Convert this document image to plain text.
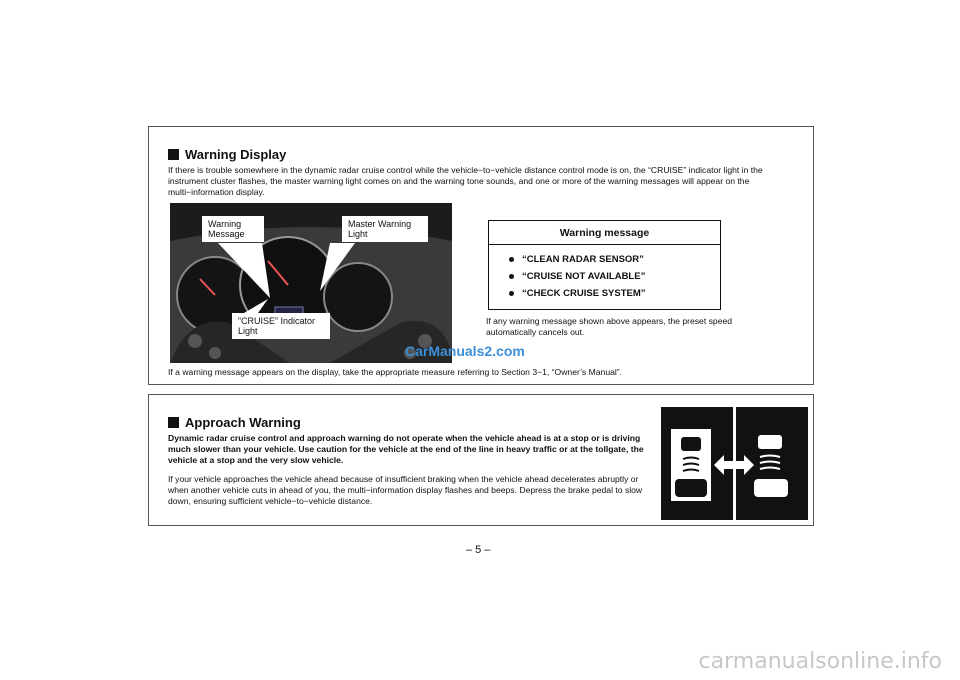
Warning Display
If there is trouble somewhere in the dynamic radar cruise control while the vehicle−to−vehicle distance control mode is on, the “CRUISE” indicator light in the instrument cluster flashes, the master warning light comes on and the warning tone sounds, and one or more of the warning messages will appear on the multi−information display.
Warning Message
Master Warning Light
”CRUISE” Indicator Light
Warning message
“CLEAN RADAR SENSOR”
“CRUISE NOT AVAILABLE”
“CHECK CRUISE SYSTEM”
If any warning message shown above appears, the preset speed automatically cancels out.
CarManuals2.com
If a warning message appears on the display, take the appropriate measure referring to Section 3−1, “Owner’s Manual”.
Approach Warning
Dynamic radar cruise control and approach warning do not operate when the vehicle ahead is at a stop or is driving much slower than your vehicle. Use caution for the vehicle at the end of the line in heavy traffic or at the tollgate, the vehicle at a stop and the very slow vehicle.
If your vehicle approaches the vehicle ahead because of insufficient braking when the vehicle ahead decelerates abruptly or when another vehicle cuts in ahead of you, the multi−information display flashes and beeps. Depress the brake pedal to slow down, ensuring sufficient vehicle−to−vehicle distance.
– 5 –
carmanualsonline.info
